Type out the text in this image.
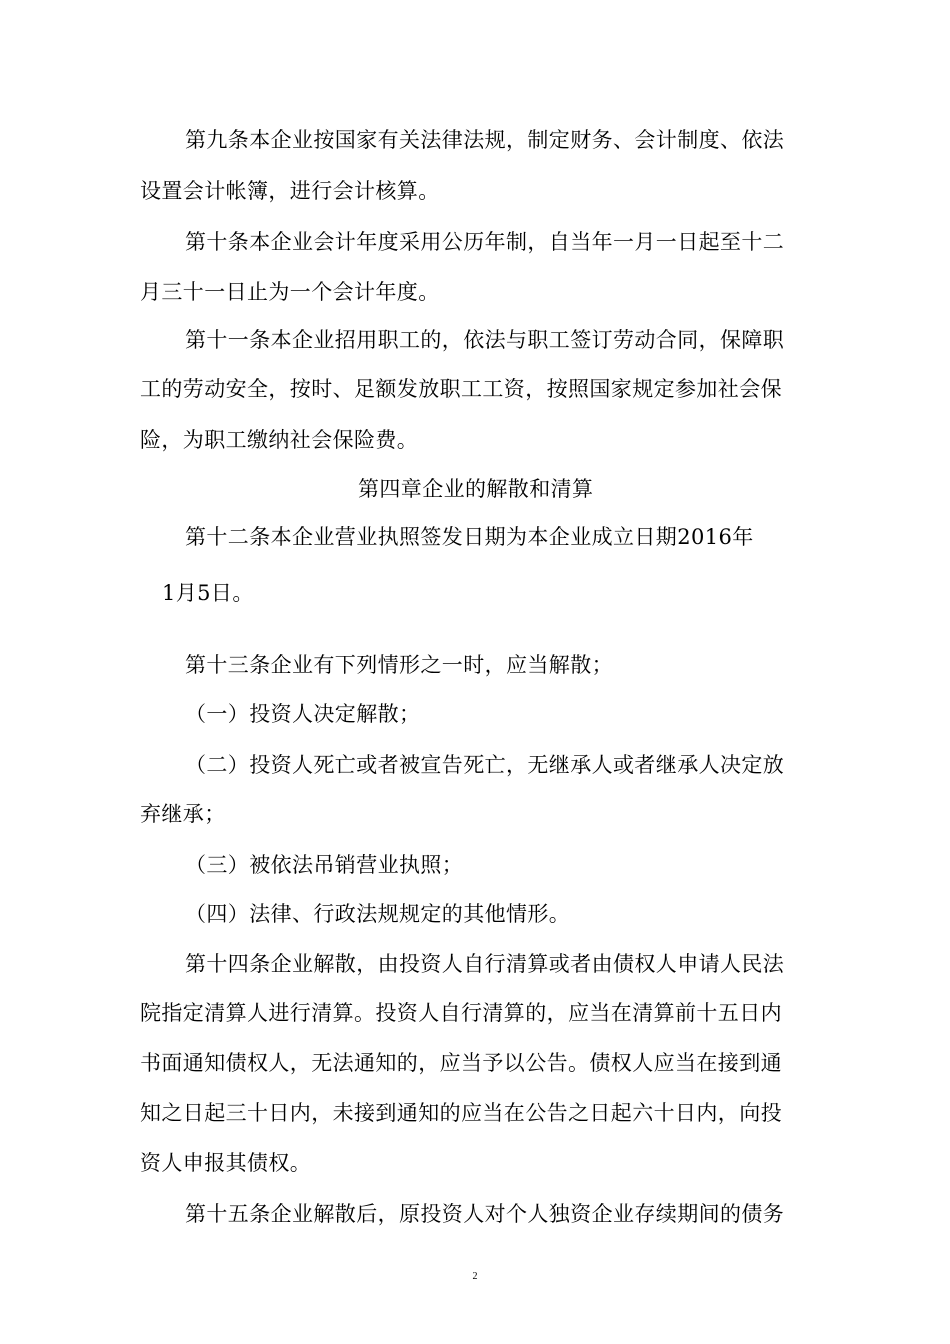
第九条本企业按国家有关法律法规，制定财务、会计制度、依法
设置会计帐簿，进行会计核算。
第十条本企业会计年度采用公历年制，自当年一月一日起至十二
月三十一日止为一个会计年度。
第十一条本企业招用职工的，依法与职工签订劳动合同，保障职
工的劳动安全，按时、足额发放职工工资，按照国家规定参加社会保
险，为职工缴纳社会保险费。
第四章企业的解散和清算
第十二条本企业营业执照签发日期为本企业成立日期2016年
1月5日。
第十三条企业有下列情形之一时，应当解散；
（一）投资人决定解散；
（二）投资人死亡或者被宣告死亡，无继承人或者继承人决定放
弃继承；
（三）被依法吊销营业执照；
（四）法律、行政法规规定的其他情形。
第十四条企业解散，由投资人自行清算或者由债权人申请人民法
院指定清算人进行清算。投资人自行清算的，应当在清算前十五日内
书面通知债权人，无法通知的，应当予以公告。债权人应当在接到通
知之日起三十日内，未接到通知的应当在公告之日起六十日内，向投
资人申报其债权。
第十五条企业解散后，原投资人对个人独资企业存续期间的债务
2
